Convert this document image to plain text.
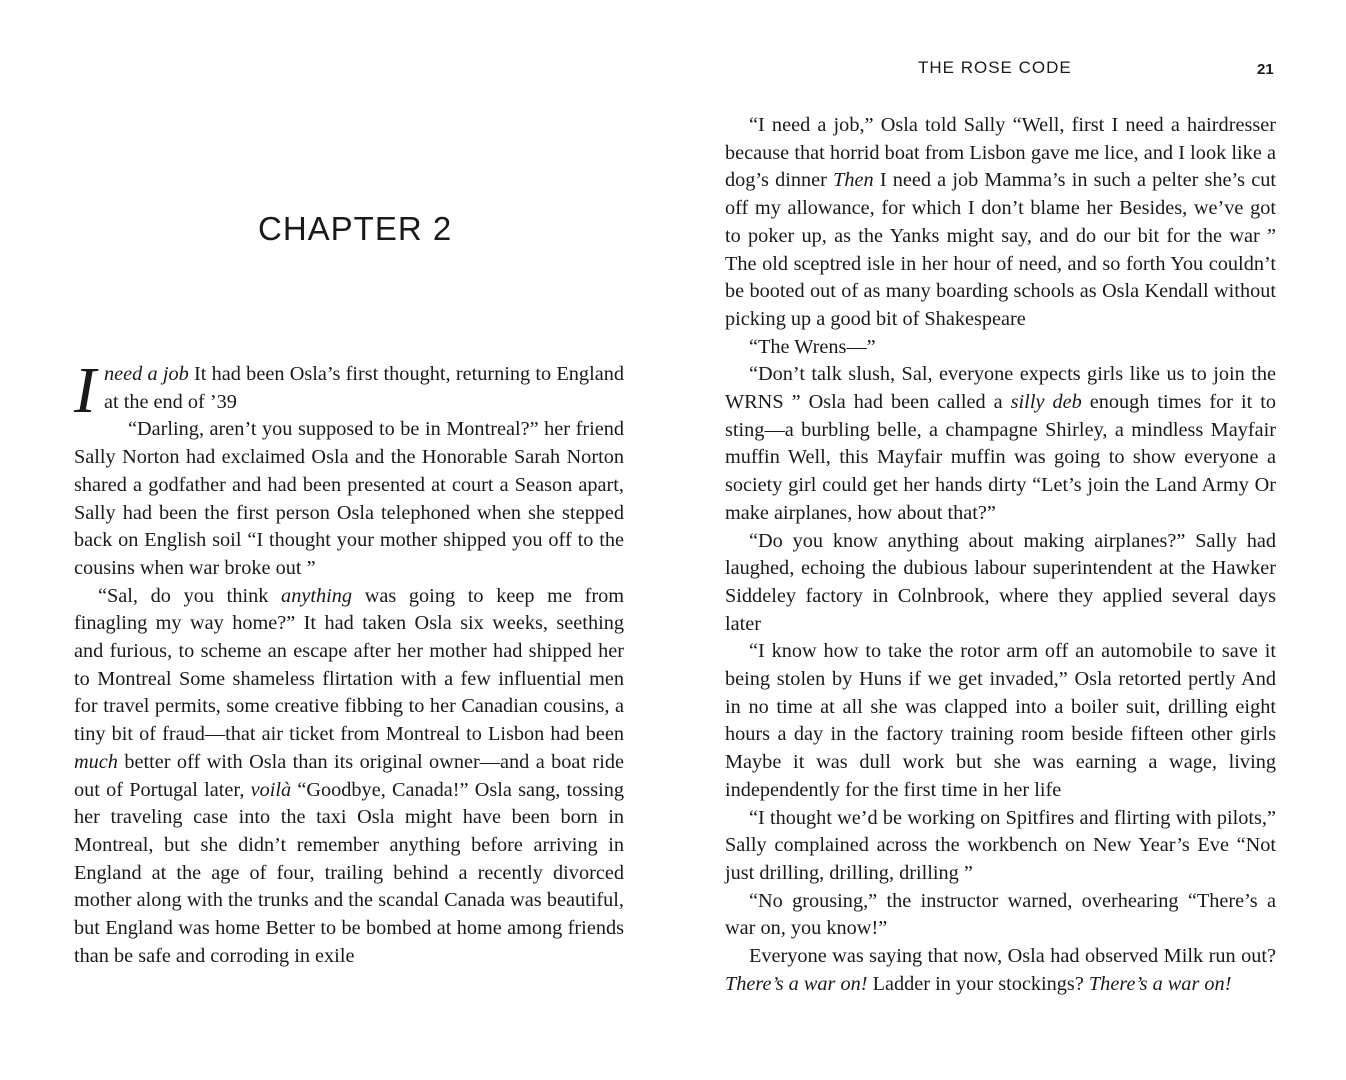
CHAPTER 2
I need a job It had been Osla’s first thought, returning to England at the end of ’39

“Darling, aren’t you supposed to be in Montreal?” her friend Sally Norton had exclaimed Osla and the Honorable Sarah Norton shared a godfather and had been presented at court a Season apart, Sally had been the first person Osla telephoned when she stepped back on English soil “I thought your mother shipped you off to the cousins when war broke out ”

“Sal, do you think anything was going to keep me from finagling my way home?” It had taken Osla six weeks, seething and furious, to scheme an escape after her mother had shipped her to Montreal Some shameless flirtation with a few influential men for travel permits, some creative fibbing to her Canadian cousins, a tiny bit of fraud—that air ticket from Montreal to Lisbon had been much better off with Osla than its original owner—and a boat ride out of Portugal later, voilà “Goodbye, Canada!” Osla sang, tossing her traveling case into the taxi Osla might have been born in Montreal, but she didn’t remember anything before arriving in England at the age of four, trailing behind a recently divorced mother along with the trunks and the scandal Canada was beautiful, but England was home Better to be bombed at home among friends than be safe and corroding in exile

THE ROSE CODE	21

“I need a job,” Osla told Sally “Well, first I need a hairdresser because that horrid boat from Lisbon gave me lice, and I look like a dog’s dinner Then I need a job Mamma’s in such a pelter she’s cut off my allowance, for which I don’t blame her Besides, we’ve got to poker up, as the Yanks might say, and do our bit for the war ” The old sceptred isle in her hour of need, and so forth You couldn’t be booted out of as many boarding schools as Osla Kendall without picking up a good bit of Shakespeare

“The Wrens—”

“Don’t talk slush, Sal, everyone expects girls like us to join the WRNS ” Osla had been called a silly deb enough times for it to sting—a burbling belle, a champagne Shirley, a mindless Mayfair muffin Well, this Mayfair muffin was going to show everyone a society girl could get her hands dirty “Let’s join the Land Army Or make airplanes, how about that?”

“Do you know anything about making airplanes?” Sally had laughed, echoing the dubious labour superintendent at the Hawker Siddeley factory in Colnbrook, where they applied several days later

“I know how to take the rotor arm off an automobile to save it being stolen by Huns if we get invaded,” Osla retorted pertly And in no time at all she was clapped into a boiler suit, drilling eight hours a day in the factory training room beside fifteen other girls Maybe it was dull work but she was earning a wage, living independently for the first time in her life

“I thought we’d be working on Spitfires and flirting with pilots,” Sally complained across the workbench on New Year’s Eve “Not just drilling, drilling, drilling ”

“No grousing,” the instructor warned, overhearing “There’s a war on, you know!”

Everyone was saying that now, Osla had observed Milk run out? There’s a war on! Ladder in your stockings? There’s a war on!
